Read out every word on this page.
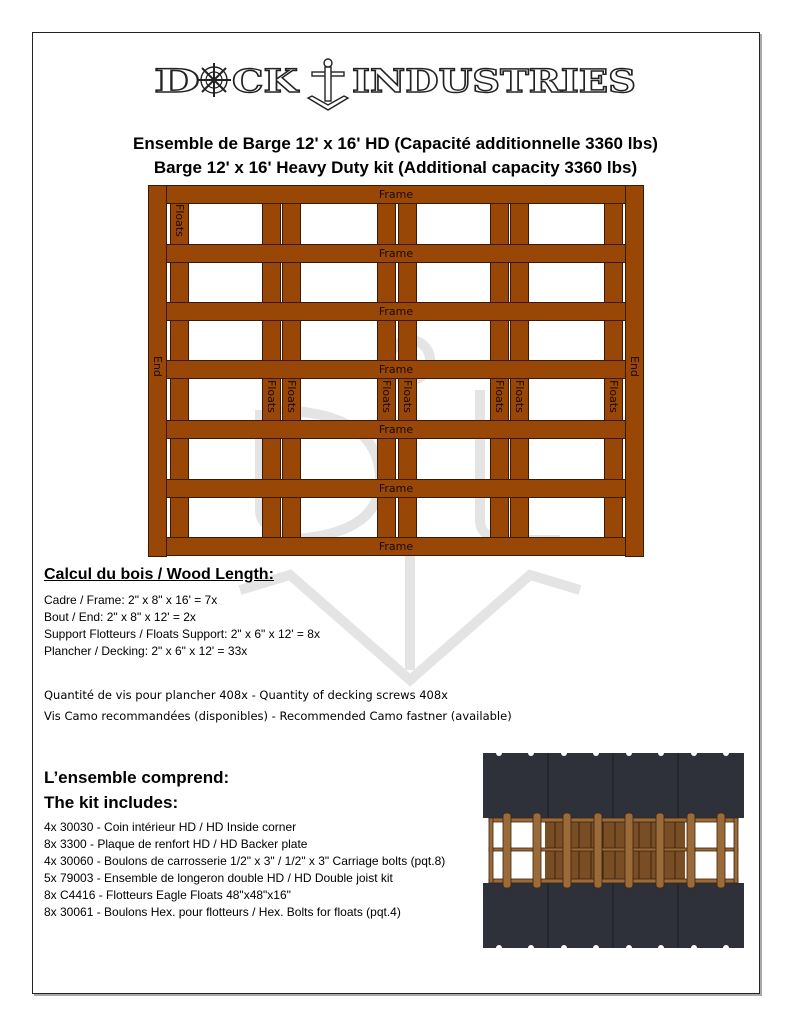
D CK INDUSTRIES
Ensemble de Barge 12' x 16' HD (Capacité additionnelle 3360 lbs)
Barge 12' x 16' Heavy Duty kit (Additional capacity 3360 lbs)
Floats
Floats Floats	Floats Floats	Floats Floats	Floats
Frame
Frame
Frame
Frame
Frame
Frame
Frame
End	End
Calcul du bois / Wood Length:
Cadre / Frame: 2" x 8" x 16' = 7x
Bout / End: 2" x 8" x 12' = 2x
Support Flotteurs / Floats Support: 2" x 6" x 12' = 8x
Plancher / Decking: 2" x 6" x 12' = 33x
Quantité de vis pour plancher 408x - Quantity of decking screws 408x
Vis Camo recommandées (disponibles) - Recommended Camo fastner (available)
L’ensemble comprend:
The kit includes:
4x 30030 - Coin intérieur HD / HD Inside corner
8x 3300 - Plaque de renfort HD / HD Backer plate
4x 30060 - Boulons de carrosserie 1/2" x 3" / 1/2" x 3" Carriage bolts (pqt.8)
5x 79003 - Ensemble de longeron double HD / HD Double joist kit
8x C4416 - Flotteurs Eagle Floats 48"x48"x16"
8x 30061 - Boulons Hex. pour flotteurs / Hex. Bolts for floats (pqt.4)
